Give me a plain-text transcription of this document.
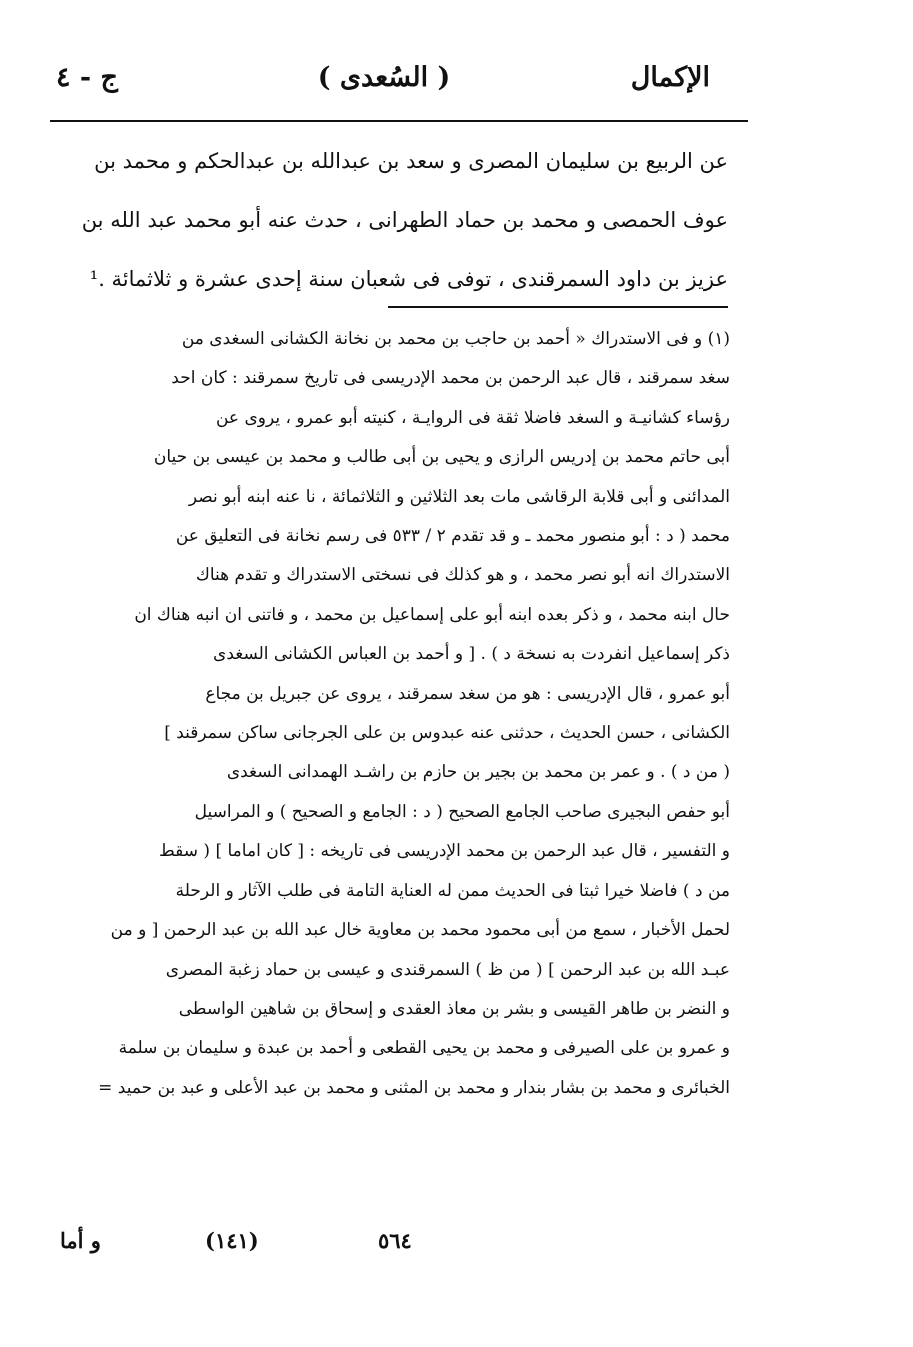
الإكمال
( السُعدى )
ج - ٤
عن الربيع بن سليمان المصرى و سعد بن عبدالله بن عبدالحكم و محمد بن
عوف الحمصى و محمد بن حماد الطهرانى ، حدث عنه أبو محمد عبد الله بن
عزيز بن داود السمرقندى ، توفى فى شعبان سنة إحدى عشرة و ثلاثمائة .¹
(١) و فى الاستدراك « أحمد بن حاجب بن محمد بن نخانة الكشانى السغدى من
سغد سمرقند ، قال عبد الرحمن بن محمد الإدريسى فى تاريخ سمرقند : كان احد
رؤساء كشانيـة و السغد فاضلا ثقة فى الروايـة ، كنيته أبو عمرو ، يروى عن
أبى حاتم محمد بن إدريس الرازى و يحيى بن أبى طالب و محمد بن عيسى بن حيان
المدائنى و أبى قلابة الرقاشى مات بعد الثلاثين و الثلاثمائة ، نا عنه ابنه أبو نصر
محمد ( د : أبو منصور محمد ـ و قد تقدم ٢ / ٥٣٣ فى رسم نخانة فى التعليق عن
الاستدراك انه أبو نصر محمد ، و هو كذلك فى نسختى الاستدراك و تقدم هناك
حال ابنه محمد ، و ذكر بعده ابنه أبو على إسماعيل بن محمد ، و فاتنى ان انبه هناك ان
ذكر إسماعيل انفردت به نسخة د ) . [ و أحمد بن العباس الكشانى السغدى
أبو عمرو ، قال الإدريسى : هو من سغد سمرقند ، يروى عن جبريل بن مجاع
الكشانى ، حسن الحديث ، حدثنى عنه عبدوس بن على الجرجانى ساكن سمرقند ]
( من د ) . و عمر بن محمد بن بجير بن حازم بن راشـد الهمدانى السغدى
أبو حفص البجيرى صاحب الجامع الصحيح ( د : الجامع و الصحيح ) و المراسيل
و التفسير ، قال عبد الرحمن بن محمد الإدريسى فى تاريخه : [ كان اماما ] ( سقط
من د ) فاضلا خيرا ثبتا فى الحديث ممن له العناية التامة فى طلب الآثار و الرحلة
لحمل الأخبار ، سمع من أبى محمود محمد بن معاوية خال عبد الله بن عبد الرحمن [ و من
عبـد الله بن عبد الرحمن ] ( من ظ ) السمرقندى و عيسى بن حماد زغبة المصرى
و النضر بن طاهر القيسى و بشر بن معاذ العقدى و إسحاق بن شاهين الواسطى
و عمرو بن على الصيرفى و محمد بن يحيى القطعى و أحمد بن عبدة و سليمان بن سلمة
الخبائرى و محمد بن بشار بندار و محمد بن المثنى و محمد بن عبد الأعلى و عبد بن حميد =
٥٦٤
(١٤١)
و أما
